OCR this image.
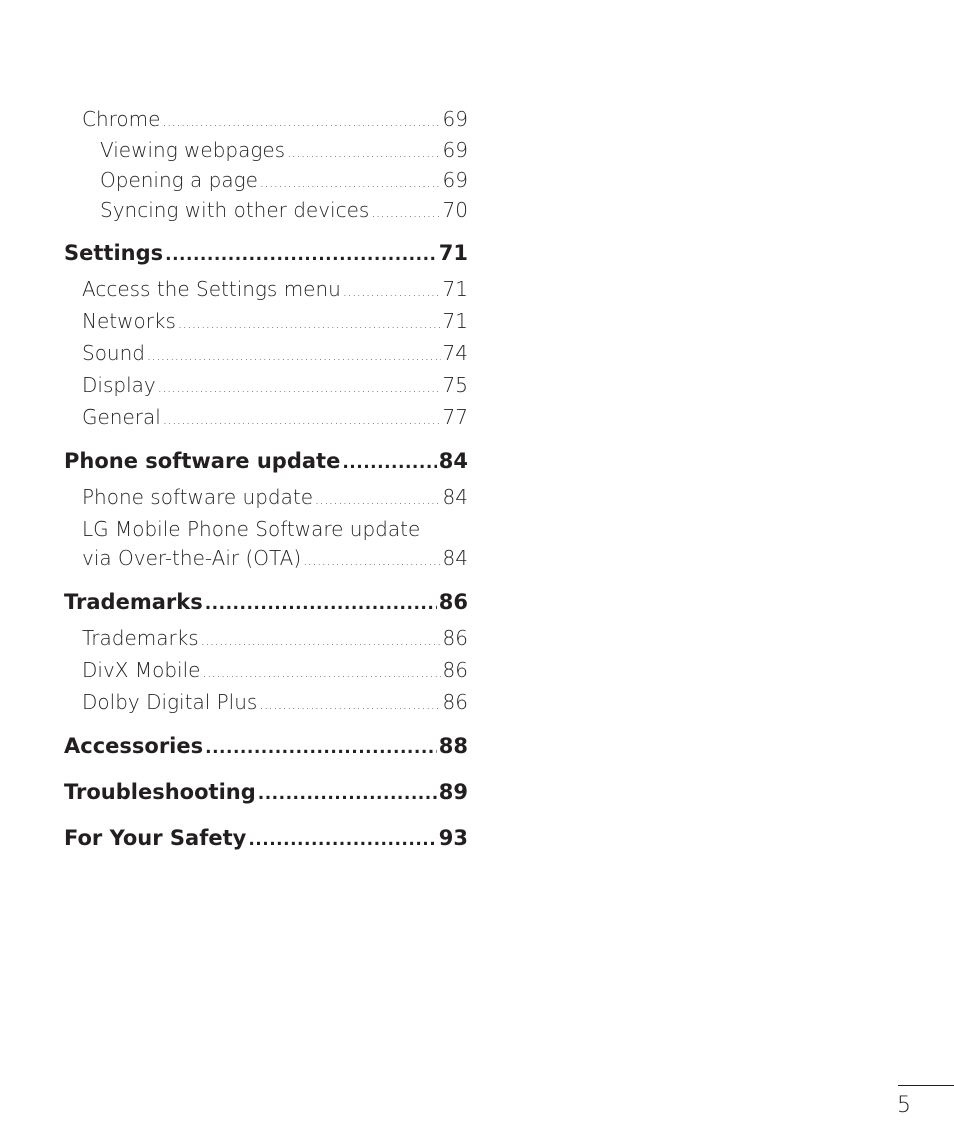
Chrome .....	69
Viewing webpages .....	69
Opening a page .....	69
Syncing with other devices .....	70
Settings .....	71
Access the Settings menu .....	71
Networks .....	71
Sound .....	74
Display .....	75
General .....	77
Phone software update .....	84
Phone software update .....	84
LG Mobile Phone Software update
via Over-the-Air (OTA) .....	84
Trademarks .....	86
Trademarks .....	86
DivX Mobile .....	86
Dolby Digital Plus .....	86
Accessories .....	88
Troubleshooting .....	89
For Your Safety .....	93
5
